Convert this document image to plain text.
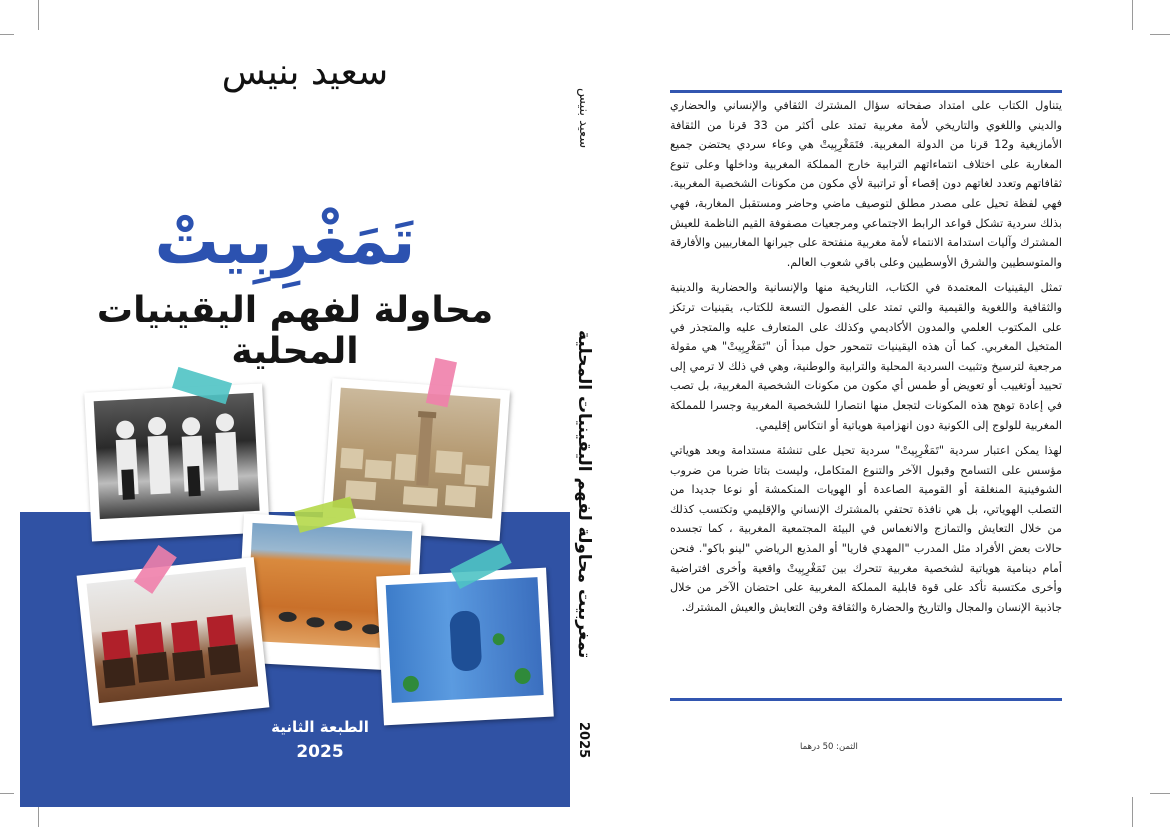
سعيد بنيس
تَمَغْرِبِيتْ
محاولة لفهم اليقينيات المحلية
الطبعة الثانية
2025
سعيد بنيس
تمغربيت محاولة لفهم اليقينيات المحلية
2025

يتناول الكتاب على امتداد صفحاته سؤال المشترك الثقافي والإنساني والحضاري والديني واللغوي والتاريخي لأمة مغربية تمتد على أكثر من 33 قرنا من الثقافة الأمازيغية و12 قرنا من الدولة المغربية. فتَمَغْرِبِيتْ هي وعاء سردي يحتضن جميع المغاربة على اختلاف انتماءاتهم الترابية خارج المملكة المغربية وداخلها وعلى تنوع ثقافاتهم وتعدد لغاتهم دون إقصاء أو تراتبية لأي مكون من مكونات الشخصية المغربية. فهي لفظة تحيل على مصدر مطلق لتوصيف ماضي وحاضر ومستقبل المغاربة، فهي بذلك سردية تشكل قواعد الرابط الاجتماعي ومرجعيات مصفوفة القيم الناظمة للعيش المشترك وآليات استدامة الانتماء لأمة مغربية منفتحة على جيرانها المغاربيين والأفارقة والمتوسطيين والشرق الأوسطيين وعلى باقي شعوب العالم.

تمثل اليقينيات المعتمدة في الكتاب، التاريخية منها والإنسانية والحضارية والدينية والثقافية واللغوية والقيمية والتي تمتد على الفصول التسعة للكتاب، يقينيات ترتكز على المكتوب العلمي والمدون الأكاديمي وكذلك على المتعارف عليه والمتجذر في المتخيل المغربي. كما أن هذه اليقينيات تتمحور حول مبدأ أن "تَمَغْرِبِيتْ" هي مقولة مرجعية لترسيخ وتثبيت السردية المحلية والترابية والوطنية، وهي في ذلك لا ترمي إلى تحييد أوتغييب أو تعويض أو طمس أي مكون من مكونات الشخصية المغربية، بل تصب في إعادة توهج هذه المكونات لتجعل منها انتصارا للشخصية المغربية وجسرا للمملكة المغربية للولوج إلى الكونية دون انهزامية هوياتية أو انتكاس إقليمي.

لهذا يمكن اعتبار سردية "تَمَغْرِبِيتْ" سردية تحيل على تنشئة مستدامة وبعد هوياتي مؤسس على التسامح وقبول الآخر والتنوع المتكامل، وليست بتاتا ضربا من ضروب الشوفينية المنغلقة أو القومية الصاعدة أو الهويات المنكمشة أو نوعا جديدا من التصلب الهوياتي، بل هي نافذة تحتفي بالمشترك الإنساني والإقليمي وتكتسب كذلك من خلال التعايش والتمازج والانغماس في البيئة المجتمعية المغربية ، كما تجسده حالات بعض الأفراد مثل المدرب "المهدي فاريا" أو المذيع الرياضي "لينو باكو". فنحن أمام دينامية هوياتية لشخصية مغربية تتحرك بين تَمَغْرِبِيتْ واقعية وأخرى افتراضية وأخرى مكتسبة تأكد على قوة قابلية المملكة المغربية على احتضان الآخر من خلال جاذبية الإنسان والمجال والتاريخ والحضارة والثقافة وفن التعايش والعيش المشترك.

الثمن: 50 درهما
